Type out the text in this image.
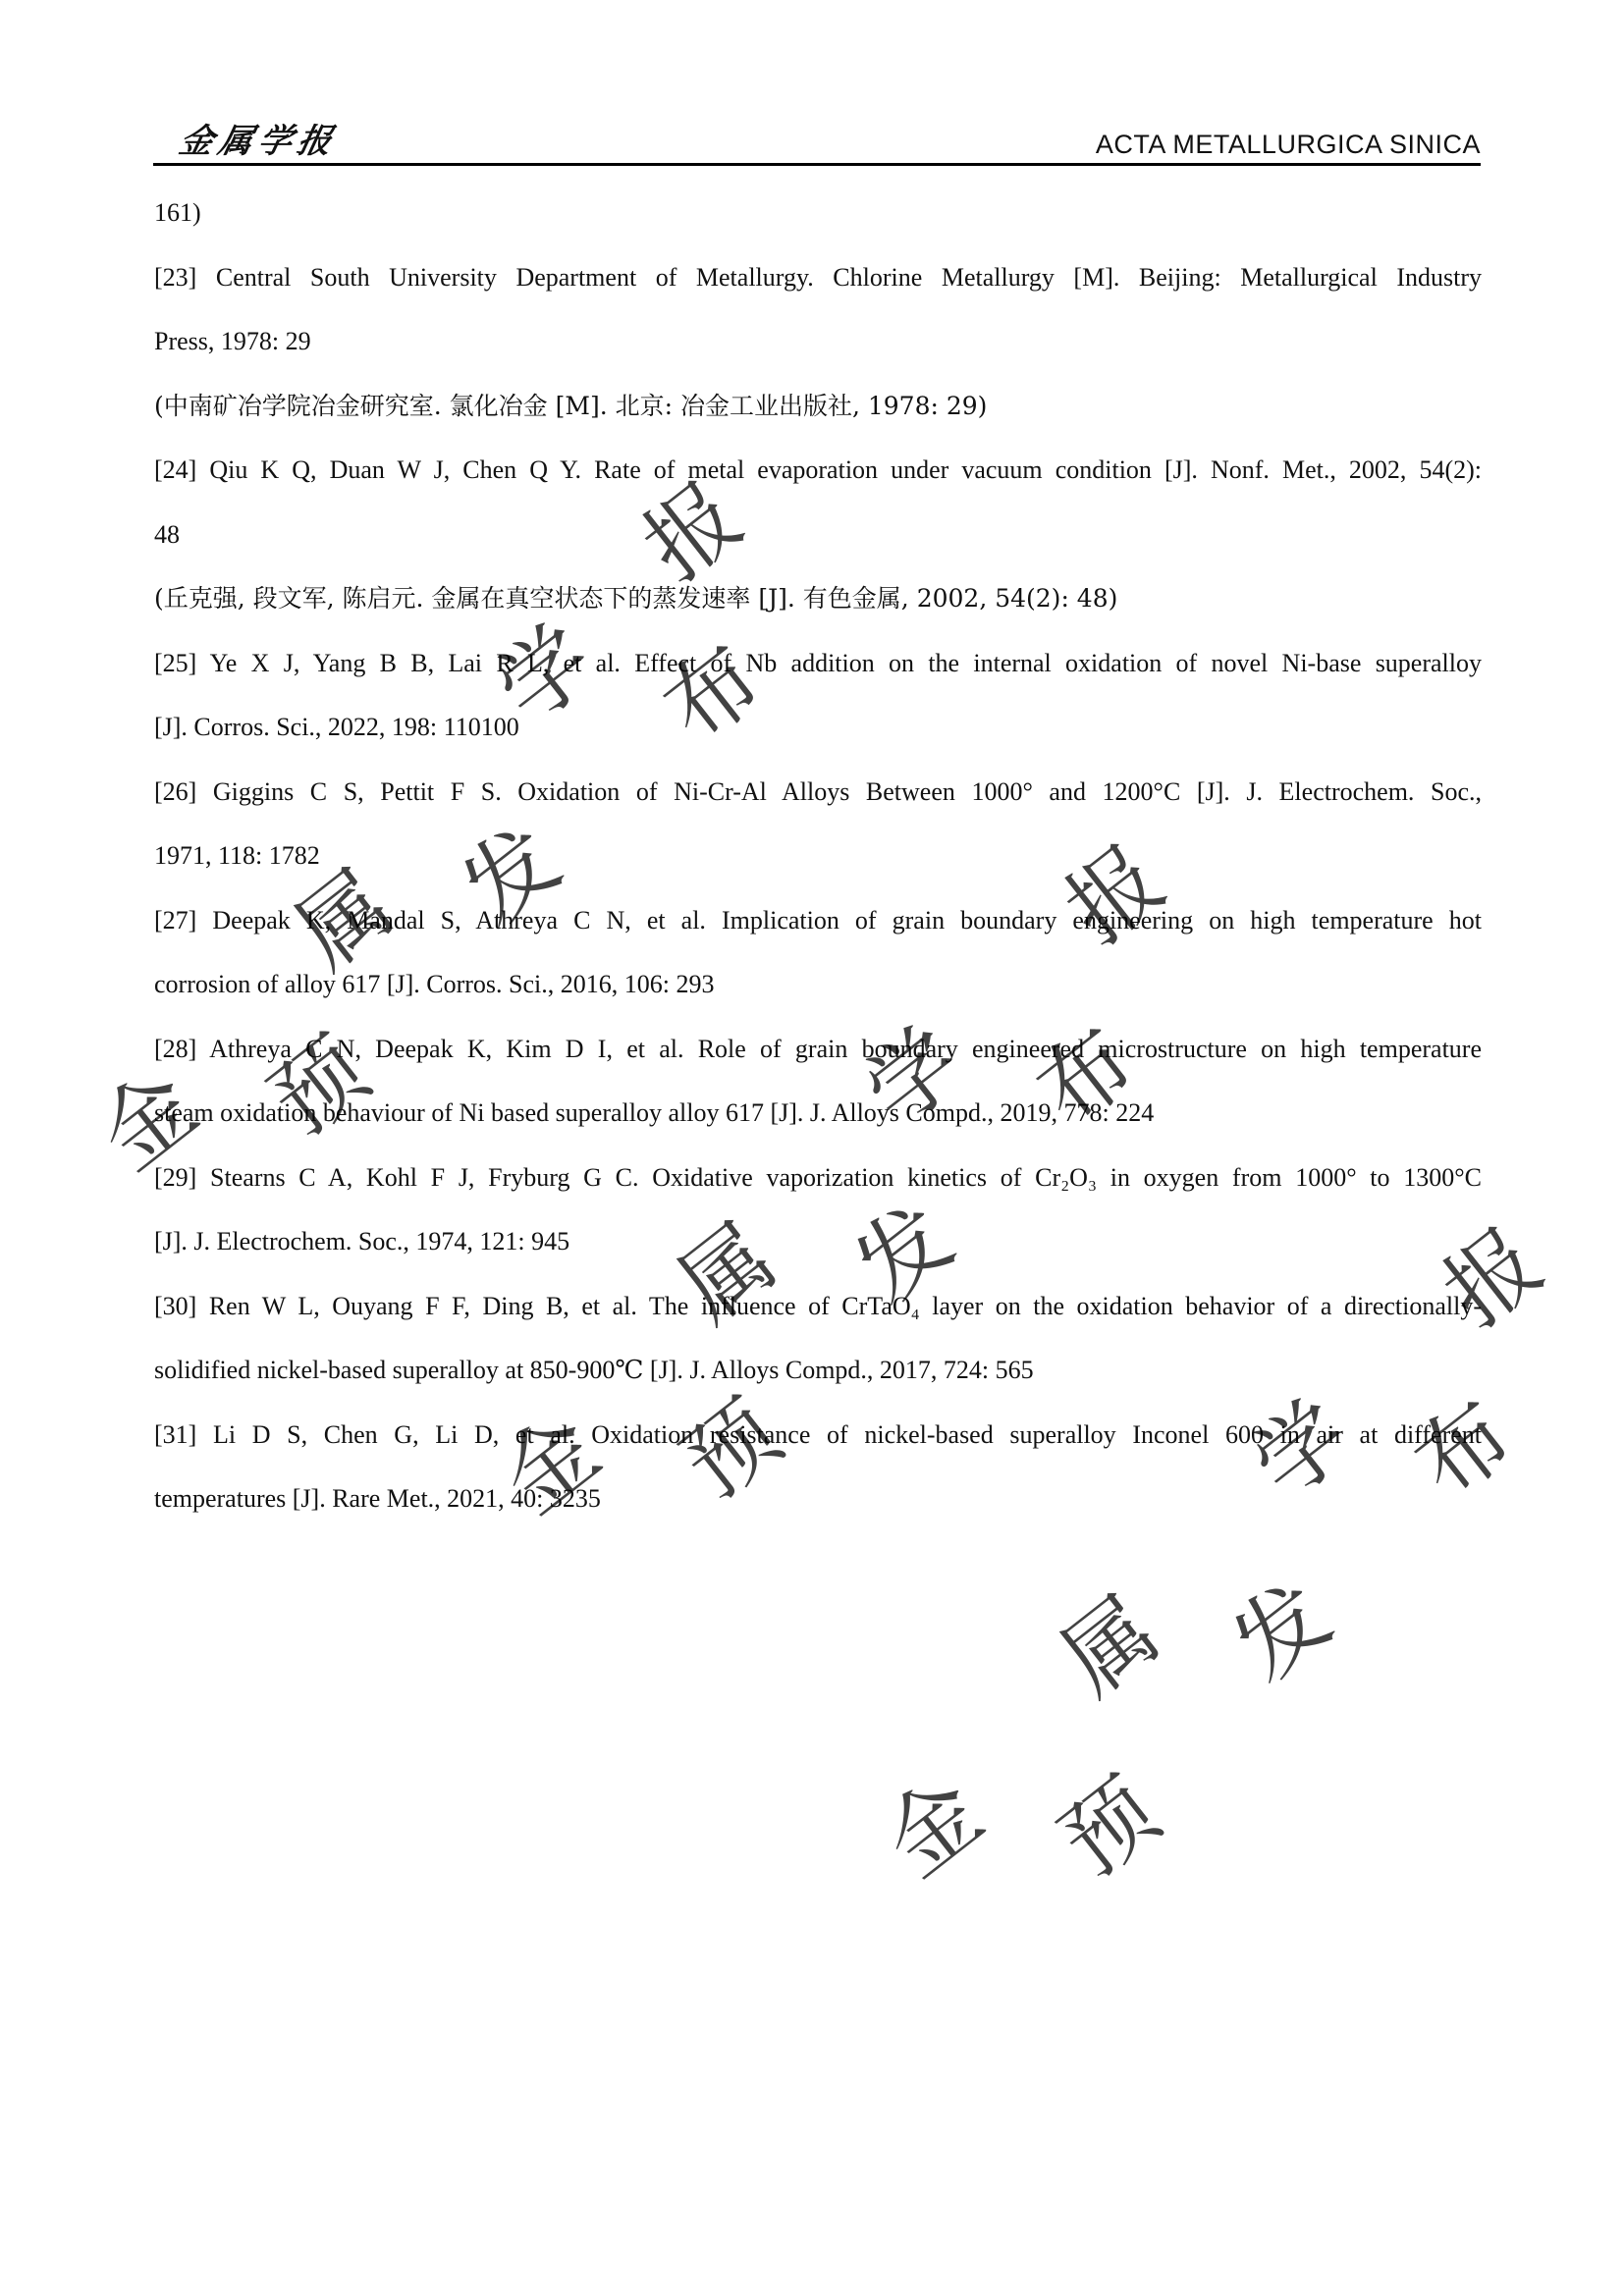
金属学报	ACTA METALLURGICA SINICA
161)
[23] Central South University Department of Metallurgy. Chlorine Metallurgy [M]. Beijing: Metallurgical Industry
Press, 1978: 29
(中南矿冶学院冶金研究室. 氯化冶金 [M]. 北京: 冶金工业出版社, 1978: 29)
[24] Qiu K Q, Duan W J, Chen Q Y. Rate of metal evaporation under vacuum condition [J]. Nonf. Met., 2002, 54(2):
48
(丘克强, 段文军, 陈启元. 金属在真空状态下的蒸发速率 [J]. 有色金属, 2002, 54(2): 48)
[25] Ye X J, Yang B B, Lai R L, et al. Effect of Nb addition on the internal oxidation of novel Ni-base superalloy
[J]. Corros. Sci., 2022, 198: 110100
[26] Giggins C S, Pettit F S. Oxidation of Ni-Cr-Al Alloys Between 1000° and 1200°C [J]. J. Electrochem. Soc.,
1971, 118: 1782
[27] Deepak K, Mandal S, Athreya C N, et al. Implication of grain boundary engineering on high temperature hot
corrosion of alloy 617 [J]. Corros. Sci., 2016, 106: 293
[28] Athreya C N, Deepak K, Kim D I, et al. Role of grain boundary engineered microstructure on high temperature
steam oxidation behaviour of Ni based superalloy alloy 617 [J]. J. Alloys Compd., 2019, 778: 224
[29] Stearns C A, Kohl F J, Fryburg G C. Oxidative vaporization kinetics of Cr₂O₃ in oxygen from 1000° to 1300°C
[J]. J. Electrochem. Soc., 1974, 121: 945
[30] Ren W L, Ouyang F F, Ding B, et al. The influence of CrTaO₄ layer on the oxidation behavior of a directionally-
solidified nickel-based superalloy at 850-900℃ [J]. J. Alloys Compd., 2017, 724: 565
[31] Li D S, Chen G, Li D, et al. Oxidation resistance of nickel-based superalloy Inconel 600 in air at different
temperatures [J]. Rare Met., 2021, 40: 3235
报
学 布
属 发	报
金 预	学 布
属 发	报
金 预	学 布
属 发
金 预
